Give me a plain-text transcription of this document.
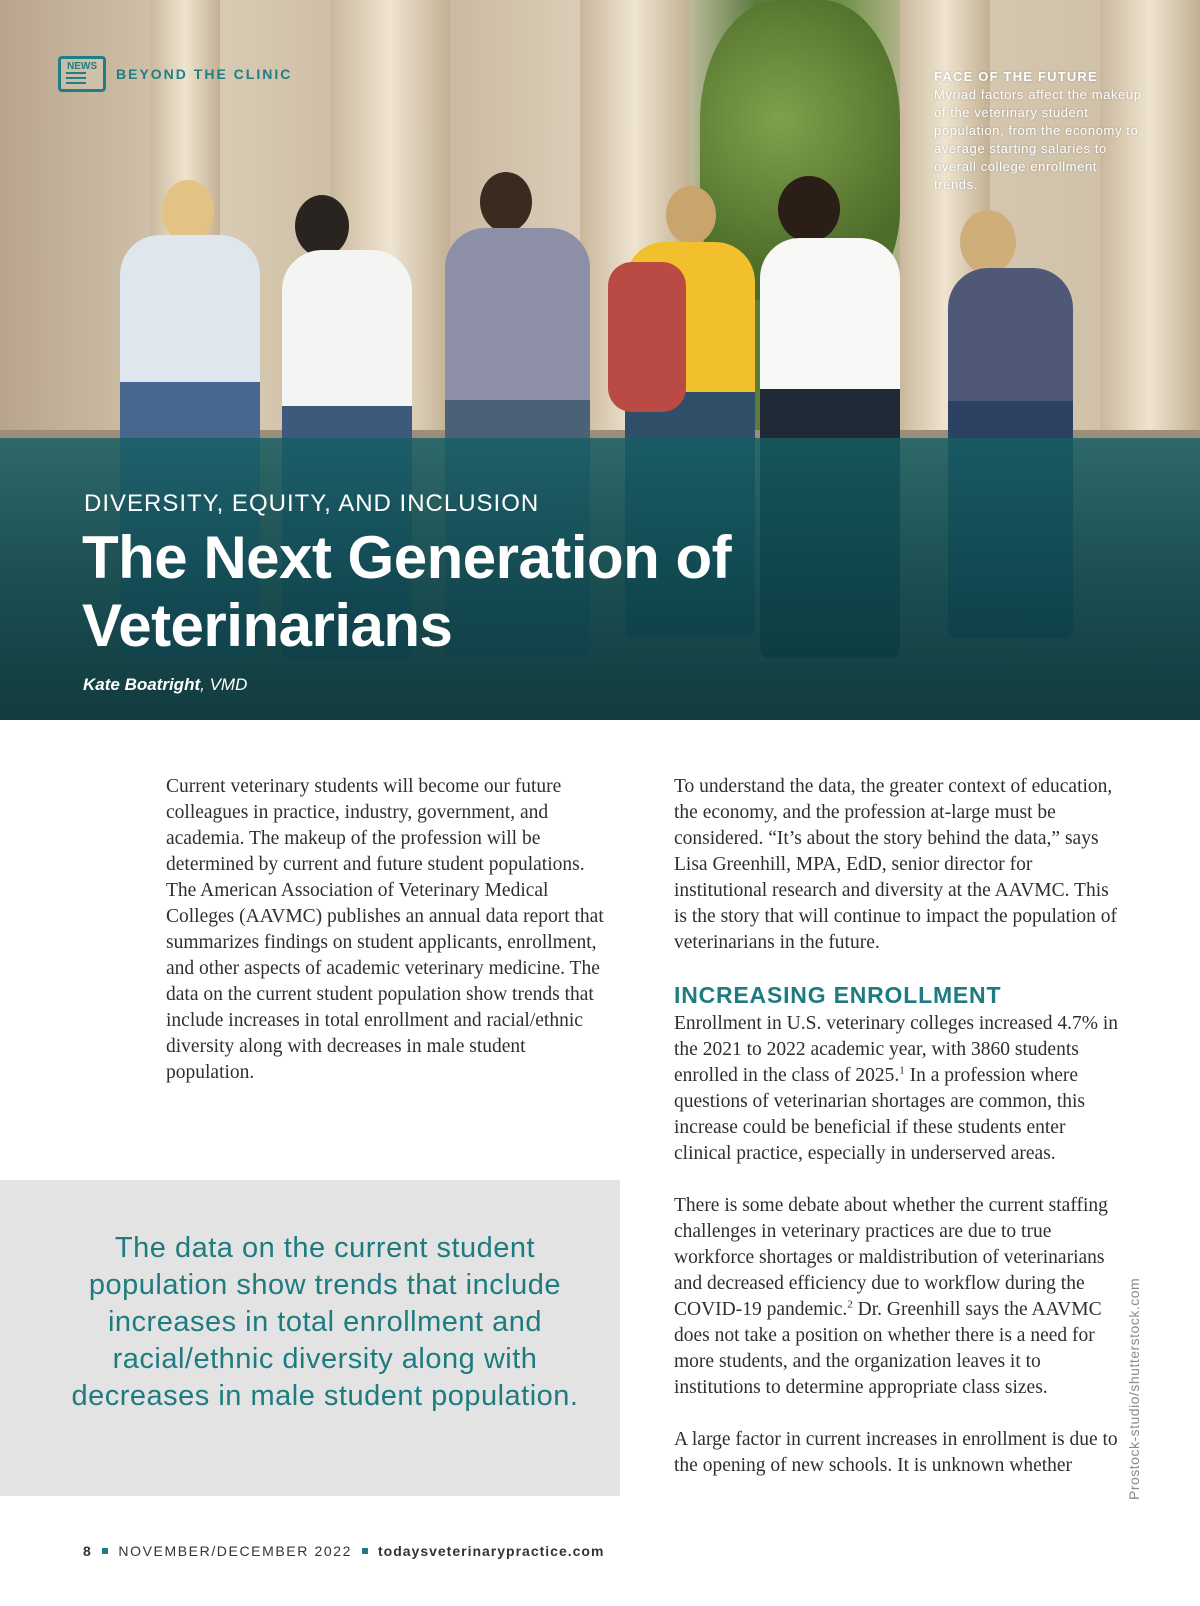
NEWS	BEYOND THE CLINIC	FACE OF THE FUTURE
Myriad factors affect the makeup of the veterinary student population, from the economy to average starting salaries to overall college enrollment trends.
DIVERSITY, EQUITY, AND INCLUSION
The Next Generation of Veterinarians
Kate Boatright, VMD

Current veterinary students will become our future colleagues in practice, industry, government, and academia. The makeup of the profession will be determined by current and future student populations. The American Association of Veterinary Medical Colleges (AAVMC) publishes an annual data report that summarizes findings on student applicants, enrollment, and other aspects of academic veterinary medicine. The data on the current student population show trends that include increases in total enrollment and racial/ethnic diversity along with decreases in male student population.

To understand the data, the greater context of education, the economy, and the profession at-large must be considered. “It’s about the story behind the data,” says Lisa Greenhill, MPA, EdD, senior director for institutional research and diversity at the AAVMC. This is the story that will continue to impact the population of veterinarians in the future.

INCREASING ENROLLMENT

Enrollment in U.S. veterinary colleges increased 4.7% in the 2021 to 2022 academic year, with 3860 students enrolled in the class of 2025.$^1$ In a profession where questions of veterinarian shortages are common, this increase could be beneficial if these students enter clinical practice, especially in underserved areas.

There is some debate about whether the current staffing challenges in veterinary practices are due to true workforce shortages or maldistribution of veterinarians and decreased efficiency due to workflow during the COVID-19 pandemic.$^2$ Dr. Greenhill says the AAVMC does not take a position on whether there is a need for more students, and the organization leaves it to institutions to determine appropriate class sizes.

A large factor in current increases in enrollment is due to the opening of new schools. It is unknown whether

The data on the current student population show trends that include increases in total enrollment and racial/ethnic diversity along with decreases in male student population.	Prostock-studio/shutterstock.com
8 NOVEMBER/DECEMBER 2022 todaysveterinarypractice.com
